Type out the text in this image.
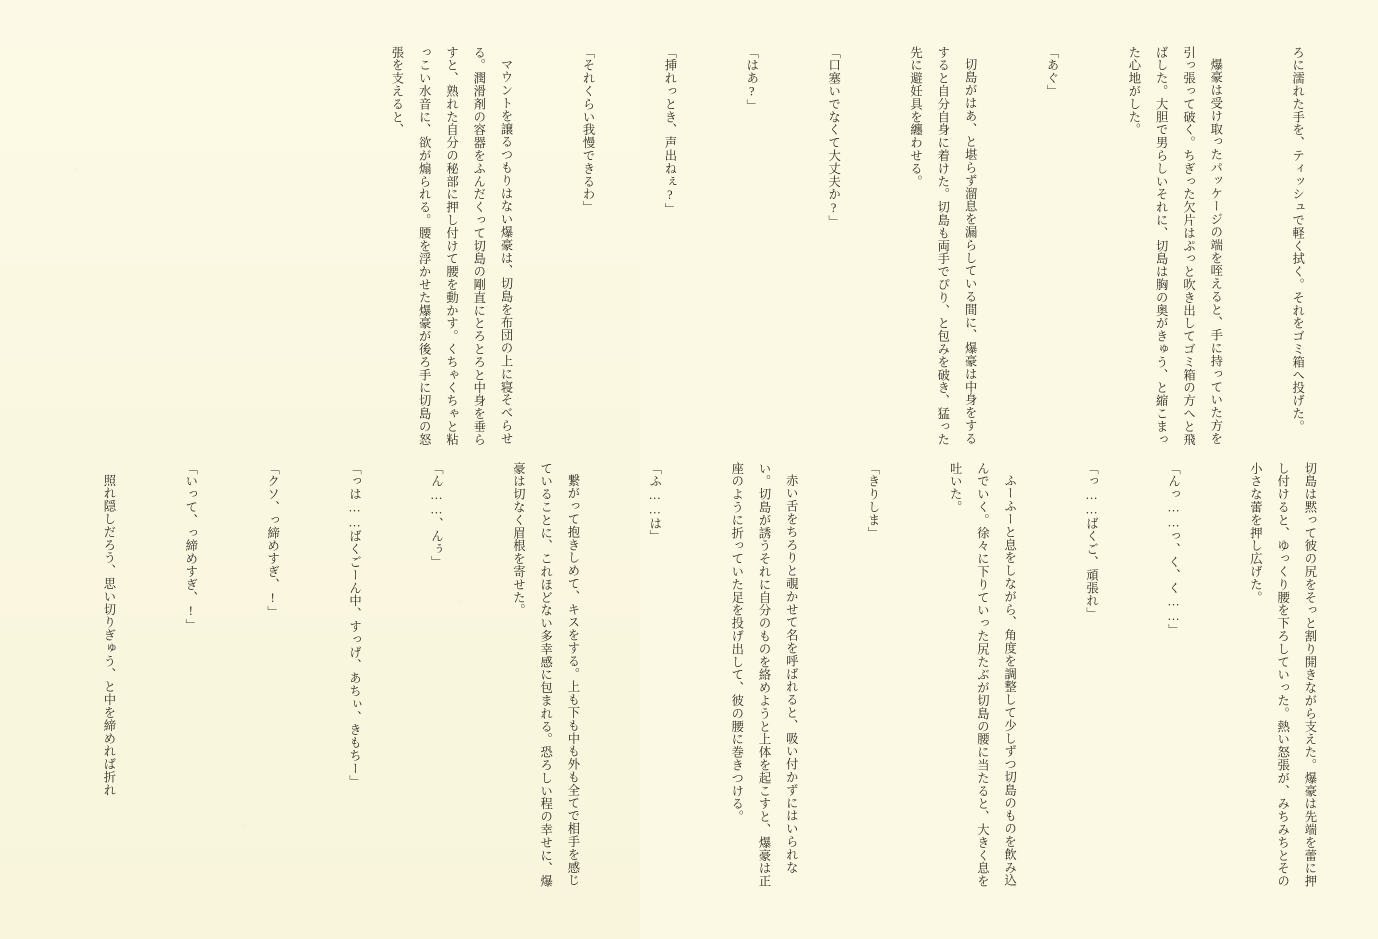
ろに濡れた手を、ティッシュで軽く拭く。それをゴミ箱へ投げた。

爆豪は受け取ったパッケージの端を咥えると、手に持っていた方を引っ張って破く。ちぎった欠片はぷっと吹き出してゴミ箱の方へと飛ばした。大胆で男らしいそれに、切島は胸の奥がきゅう、と縮こまった心地がした。

「あぐ」

切島がはあ、と堪らず溜息を漏らしている間に、爆豪は中身をするすると自分自身に着けた。切島も両手でぴり、と包みを破き、猛った先に避妊具を纏わせる。

「口塞いでなくて大丈夫か?」

「はあ?」

「挿れっとき、声出ねぇ?」

「それくらい我慢できるわ」

マウントを譲るつもりはない爆豪は、切島を布団の上に寝そべらせる。潤滑剤の容器をふんだくって切島の剛直にとろとろと中身を垂らすと、熟れた自分の秘部に押し付けて腰を動かす。くちゃくちゃと粘っこい水音に、欲が煽られる。腰を浮かせた爆豪が後ろ手に切島の怒張を支えると、

切島は黙って彼の尻をそっと割り開きながら支えた。爆豪は先端を蕾に押し付けると、ゆっくり腰を下ろしていった。熱い怒張が、みちみちとその小さな蕾を押し広げた。

「んっ……っ、く、く……」

「っ……ばくご、頑張れ」

ふーふーと息をしながら、角度を調整して少しずつ切島のものを飲み込んでいく。徐々に下りていった尻たぶが切島の腰に当たると、大きく息を吐いた。

「きりしま」

赤い舌をちろりと覗かせて名を呼ばれると、吸い付かずにはいられない。切島が誘うそれに自分のものを絡めようと上体を起こすと、爆豪は正座のように折っていた足を投げ出して、彼の腰に巻きつける。

「ふ……は」

繋がって抱きしめて、キスをする。上も下も中も外も全てで相手を感じていることに、これほどない多幸感に包まれる。恐ろしい程の幸せに、爆豪は切なく眉根を寄せた。

「ん……、んぅ」

「っは……ばくごーん中、すっげ、あちぃ、きもちー」

「クソ、っ締めすぎ、!」

「いって、っ締めすぎ、!」

照れ隠しだろう、思い切りぎゅう、と中を締めれば折れ
